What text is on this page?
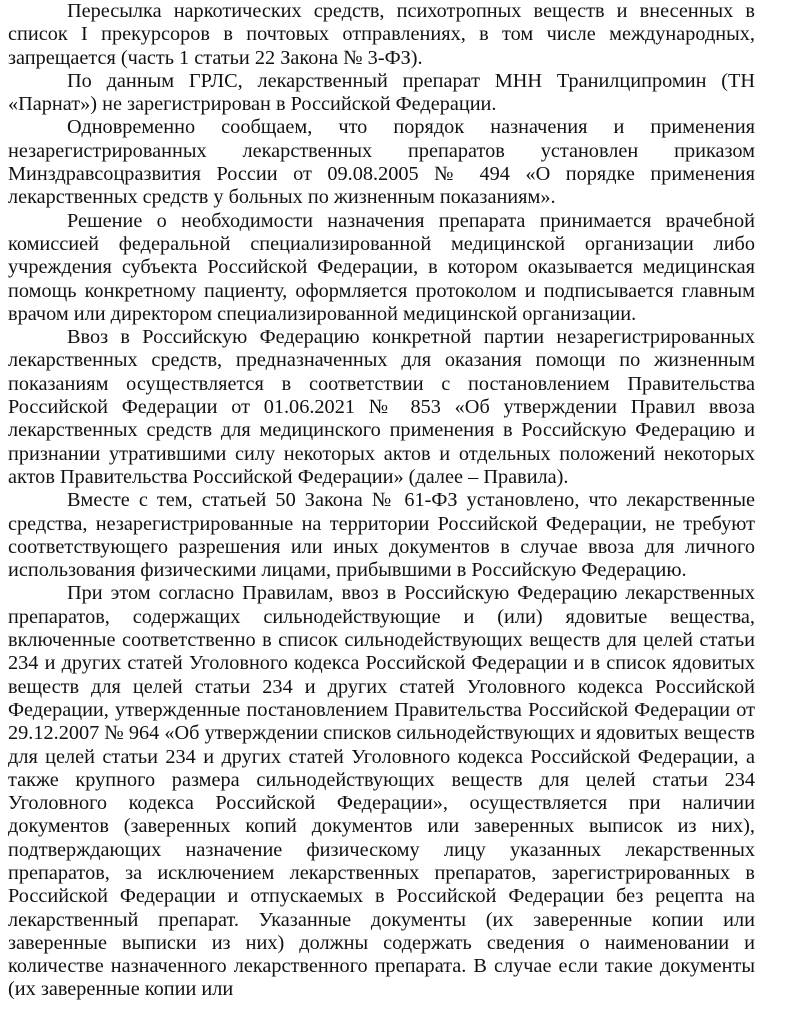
Пересылка наркотических средств, психотропных веществ и внесенных в список I прекурсоров в почтовых отправлениях, в том числе международных, запрещается (часть 1 статьи 22 Закона № 3-ФЗ).

По данным ГРЛС, лекарственный препарат МНН Транилципромин (ТН «Парнат») не зарегистрирован в Российской Федерации.

Одновременно сообщаем, что порядок назначения и применения незарегистрированных лекарственных препаратов установлен приказом Минздравсоцразвития России от 09.08.2005 № 494 «О порядке применения лекарственных средств у больных по жизненным показаниям».

Решение о необходимости назначения препарата принимается врачебной комиссией федеральной специализированной медицинской организации либо учреждения субъекта Российской Федерации, в котором оказывается медицинская помощь конкретному пациенту, оформляется протоколом и подписывается главным врачом или директором специализированной медицинской организации.

Ввоз в Российскую Федерацию конкретной партии незарегистрированных лекарственных средств, предназначенных для оказания помощи по жизненным показаниям осуществляется в соответствии с постановлением Правительства Российской Федерации от 01.06.2021 № 853 «Об утверждении Правил ввоза лекарственных средств для медицинского применения в Российскую Федерацию и признании утратившими силу некоторых актов и отдельных положений некоторых актов Правительства Российской Федерации» (далее – Правила).

Вместе с тем, статьей 50 Закона № 61-ФЗ установлено, что лекарственные средства, незарегистрированные на территории Российской Федерации, не требуют соответствующего разрешения или иных документов в случае ввоза для личного использования физическими лицами, прибывшими в Российскую Федерацию.

При этом согласно Правилам, ввоз в Российскую Федерацию лекарственных препаратов, содержащих сильнодействующие и (или) ядовитые вещества, включенные соответственно в список сильнодействующих веществ для целей статьи 234 и других статей Уголовного кодекса Российской Федерации и в список ядовитых веществ для целей статьи 234 и других статей Уголовного кодекса Российской Федерации, утвержденные постановлением Правительства Российской Федерации от 29.12.2007 № 964 «Об утверждении списков сильнодействующих и ядовитых веществ для целей статьи 234 и других статей Уголовного кодекса Российской Федерации, а также крупного размера сильнодействующих веществ для целей статьи 234 Уголовного кодекса Российской Федерации», осуществляется при наличии документов (заверенных копий документов или заверенных выписок из них), подтверждающих назначение физическому лицу указанных лекарственных препаратов, за исключением лекарственных препаратов, зарегистрированных в Российской Федерации и отпускаемых в Российской Федерации без рецепта на лекарственный препарат. Указанные документы (их заверенные копии или заверенные выписки из них) должны содержать сведения о наименовании и количестве назначенного лекарственного препарата. В случае если такие документы (их заверенные копии или
